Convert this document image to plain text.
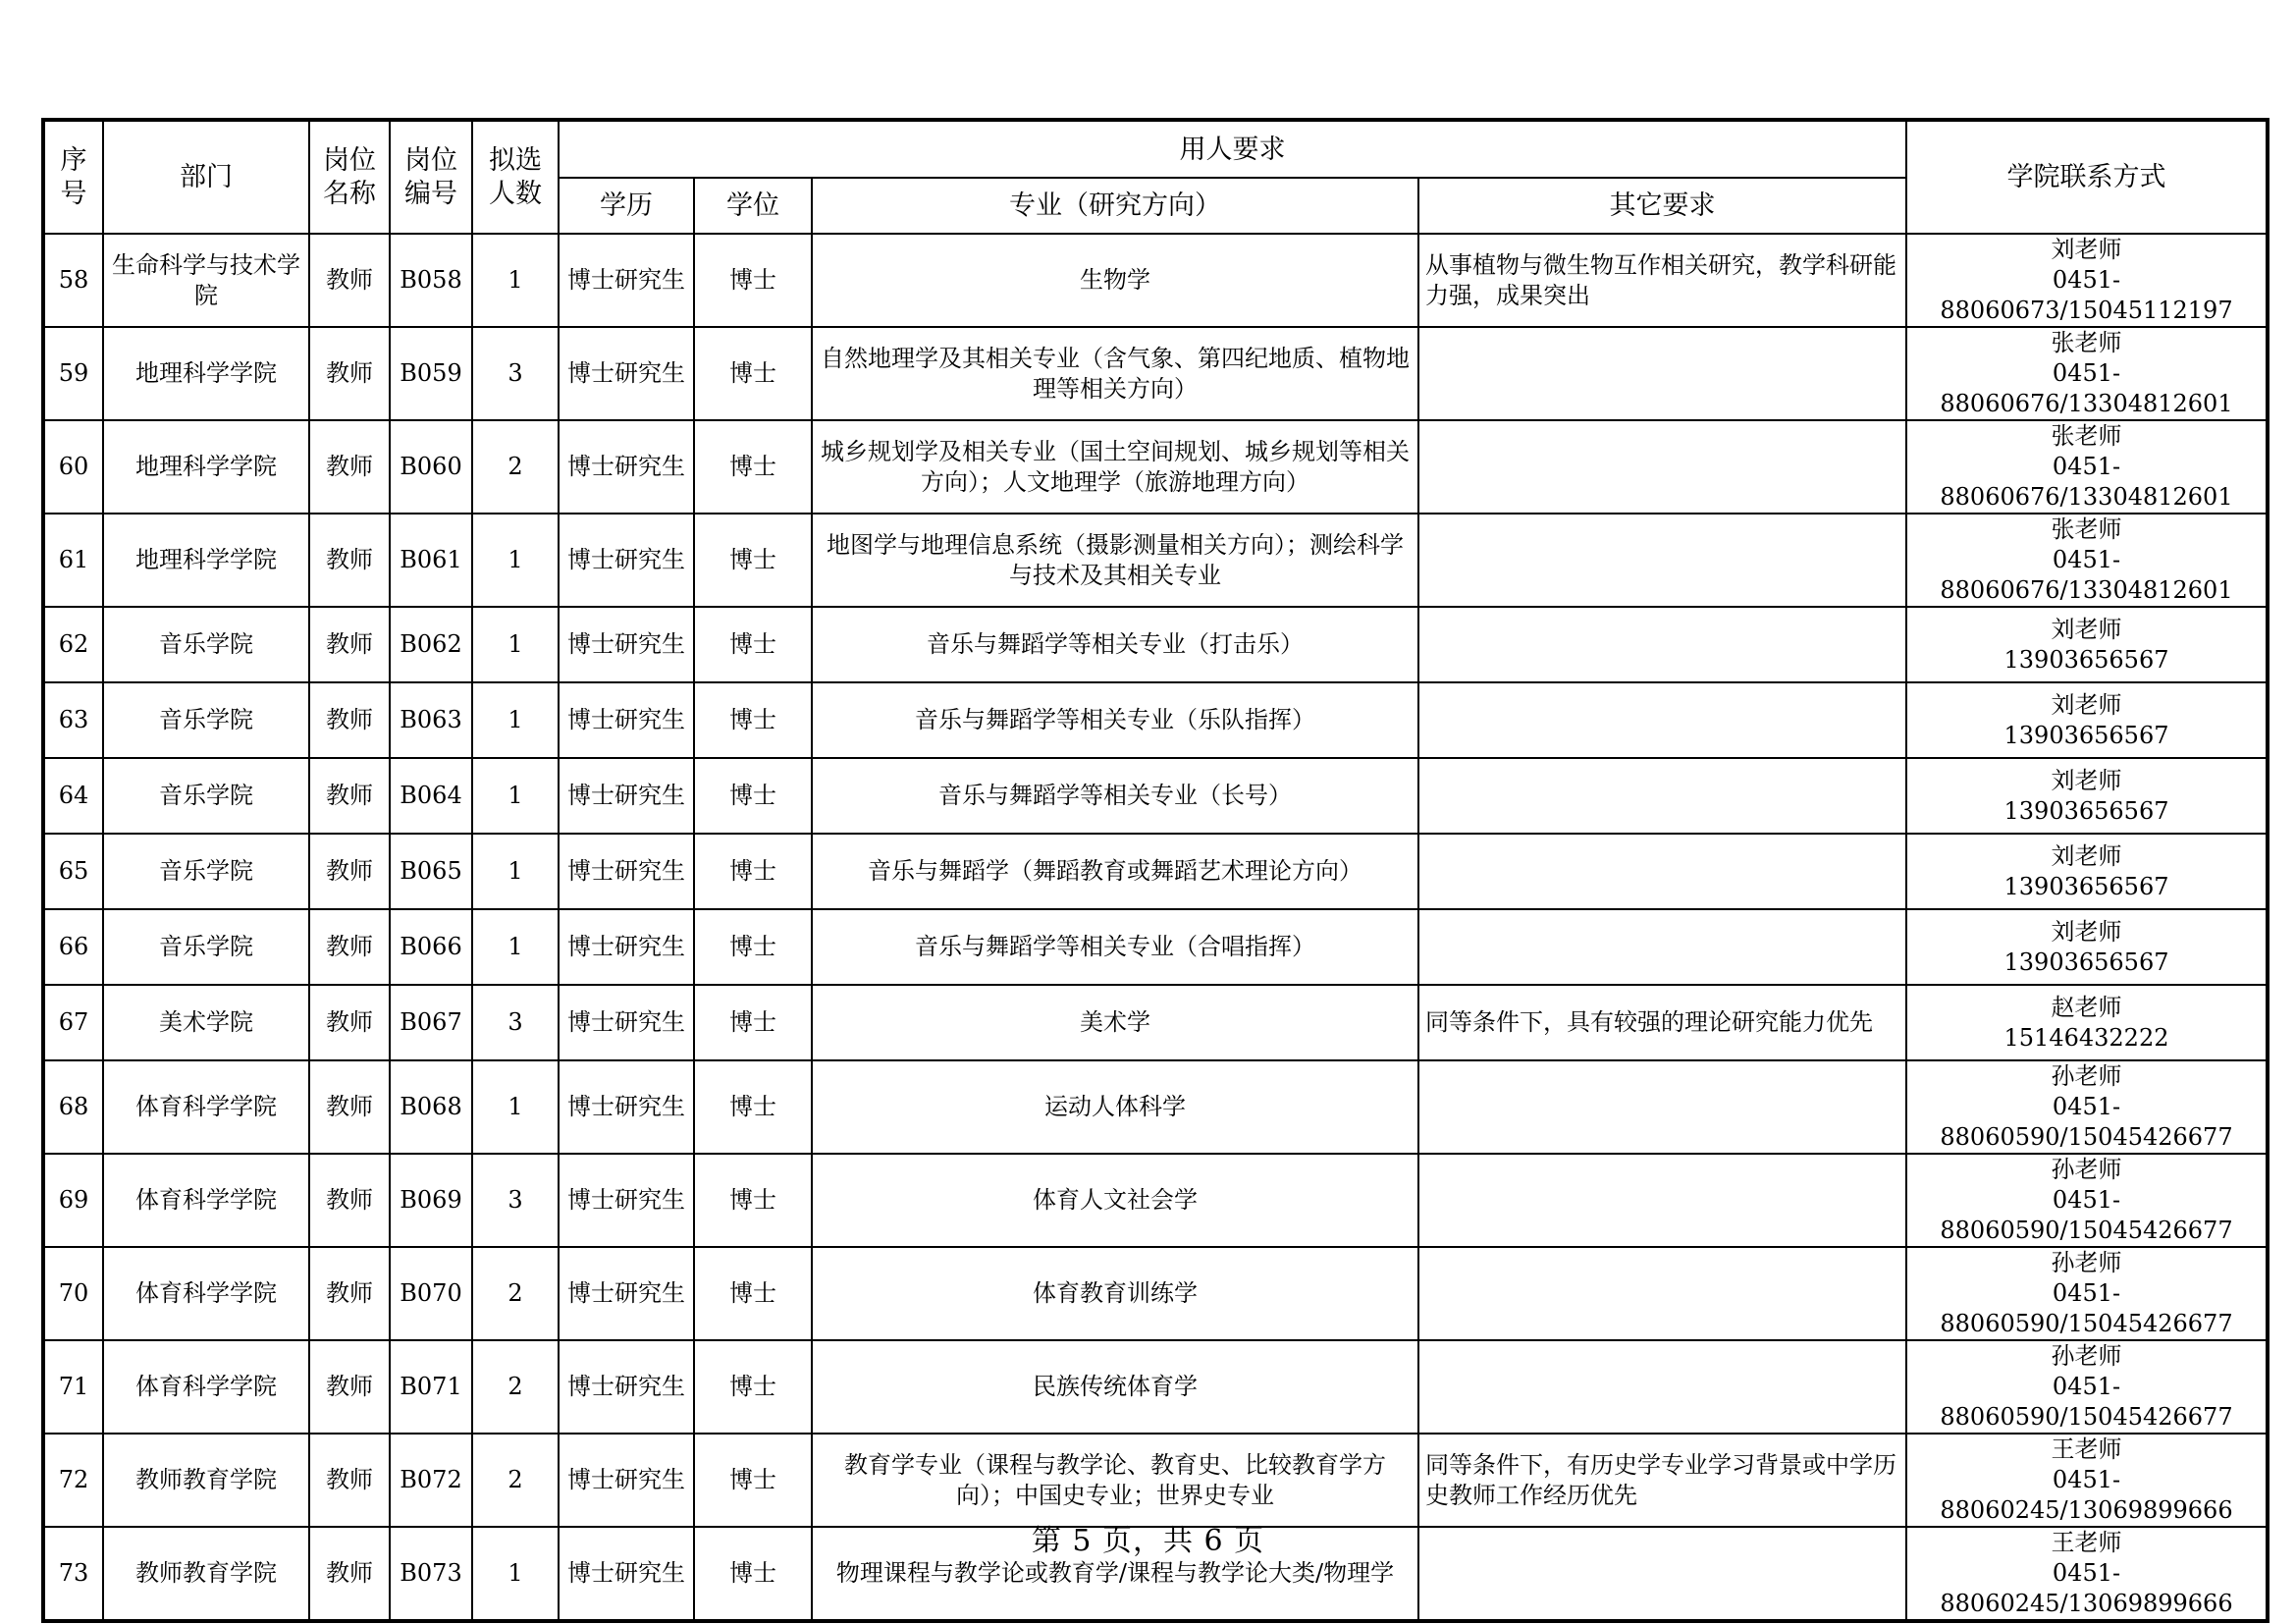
序号	部门	岗位名称	岗位编号	拟选人数	用人要求				学院联系方式
					学历	学位	专业（研究方向）	其它要求	
58	生命科学与技术学院	教师	B058	1	博士研究生	博士	生物学	从事植物与微生物互作相关研究，教学科研能力强，成果突出	刘老师
0451-88060673/15045112197

59	地理科学学院	教师	B059	3	博士研究生	博士	自然地理学及其相关专业（含气象、第四纪地质、植物地理等相关方向）		张老师
0451-88060676/13304812601

60	地理科学学院	教师	B060	2	博士研究生	博士	城乡规划学及相关专业（国土空间规划、城乡规划等相关方向）；人文地理学（旅游地理方向）		张老师
0451-88060676/13304812601

61	地理科学学院	教师	B061	1	博士研究生	博士	地图学与地理信息系统（摄影测量相关方向）；测绘科学与技术及其相关专业		张老师
0451-88060676/13304812601

62	音乐学院	教师	B062	1	博士研究生	博士	音乐与舞蹈学等相关专业（打击乐）		刘老师
13903656567

63	音乐学院	教师	B063	1	博士研究生	博士	音乐与舞蹈学等相关专业（乐队指挥）		刘老师
13903656567

64	音乐学院	教师	B064	1	博士研究生	博士	音乐与舞蹈学等相关专业（长号）		刘老师
13903656567

65	音乐学院	教师	B065	1	博士研究生	博士	音乐与舞蹈学（舞蹈教育或舞蹈艺术理论方向）		刘老师
13903656567

66	音乐学院	教师	B066	1	博士研究生	博士	音乐与舞蹈学等相关专业（合唱指挥）		刘老师
13903656567

67	美术学院	教师	B067	3	博士研究生	博士	美术学	同等条件下，具有较强的理论研究能力优先	赵老师
15146432222

68	体育科学学院	教师	B068	1	博士研究生	博士	运动人体科学		孙老师
0451-88060590/15045426677

69	体育科学学院	教师	B069	3	博士研究生	博士	体育人文社会学		孙老师
0451-88060590/15045426677

70	体育科学学院	教师	B070	2	博士研究生	博士	体育教育训练学		孙老师
0451-88060590/15045426677

71	体育科学学院	教师	B071	2	博士研究生	博士	民族传统体育学		孙老师
0451-88060590/15045426677

72	教师教育学院	教师	B072	2	博士研究生	博士	教育学专业（课程与教学论、教育史、比较教育学方向）；中国史专业；世界史专业	同等条件下，有历史学专业学习背景或中学历史教师工作经历优先	王老师
0451-88060245/13069899666

73	教师教育学院	教师	B073	1	博士研究生	博士	物理课程与教学论或教育学/课程与教学论大类/物理学		王老师
0451-88060245/13069899666
第 5 页，共 6 页
